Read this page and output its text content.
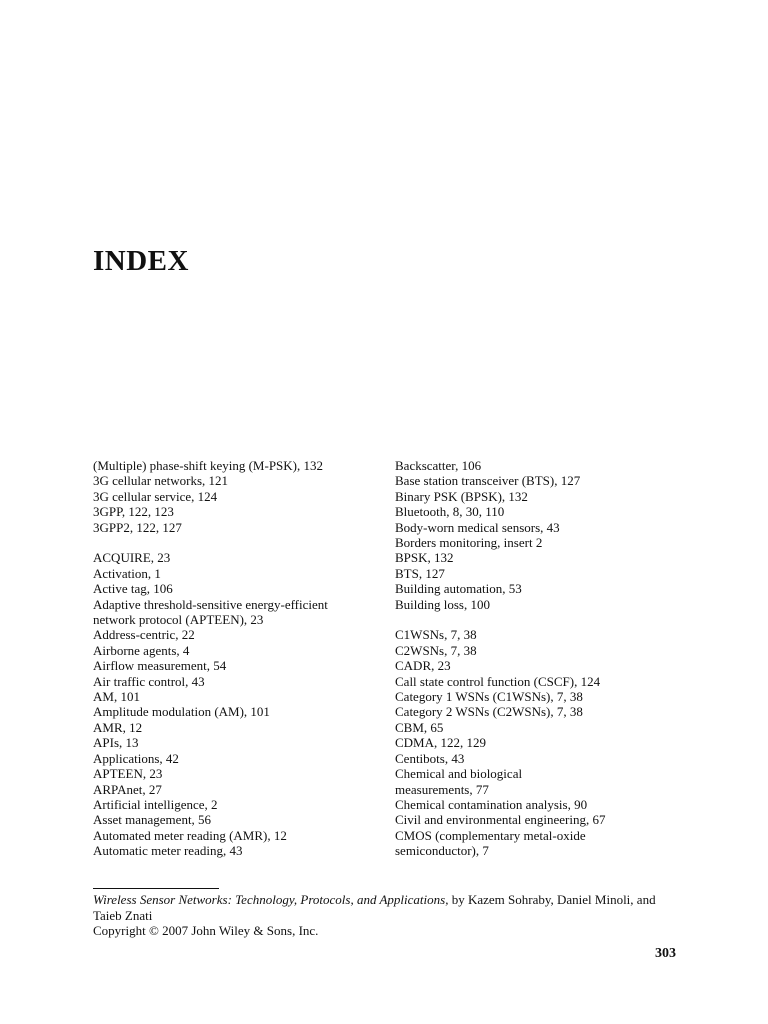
INDEX
(Multiple) phase-shift keying (M-PSK), 132
3G cellular networks, 121
3G cellular service, 124
3GPP, 122, 123
3GPP2, 122, 127
ACQUIRE, 23
Activation, 1
Active tag, 106
Adaptive threshold-sensitive energy-efficient
network protocol (APTEEN), 23
Address-centric, 22
Airborne agents, 4
Airflow measurement, 54
Air traffic control, 43
AM, 101
Amplitude modulation (AM), 101
AMR, 12
APIs, 13
Applications, 42
APTEEN, 23
ARPAnet, 27
Artificial intelligence, 2
Asset management, 56
Automated meter reading (AMR), 12
Automatic meter reading, 43
Backscatter, 106
Base station transceiver (BTS), 127
Binary PSK (BPSK), 132
Bluetooth, 8, 30, 110
Body-worn medical sensors, 43
Borders monitoring, insert 2
BPSK, 132
BTS, 127
Building automation, 53
Building loss, 100
C1WSNs, 7, 38
C2WSNs, 7, 38
CADR, 23
Call state control function (CSCF), 124
Category 1 WSNs (C1WSNs), 7, 38
Category 2 WSNs (C2WSNs), 7, 38
CBM, 65
CDMA, 122, 129
Centibots, 43
Chemical and biological
measurements, 77
Chemical contamination analysis, 90
Civil and environmental engineering, 67
CMOS (complementary metal-oxide
semiconductor), 7
Wireless Sensor Networks: Technology, Protocols, and Applications, by Kazem Sohraby, Daniel Minoli, and Taieb Znati
Copyright © 2007 John Wiley & Sons, Inc.
303
